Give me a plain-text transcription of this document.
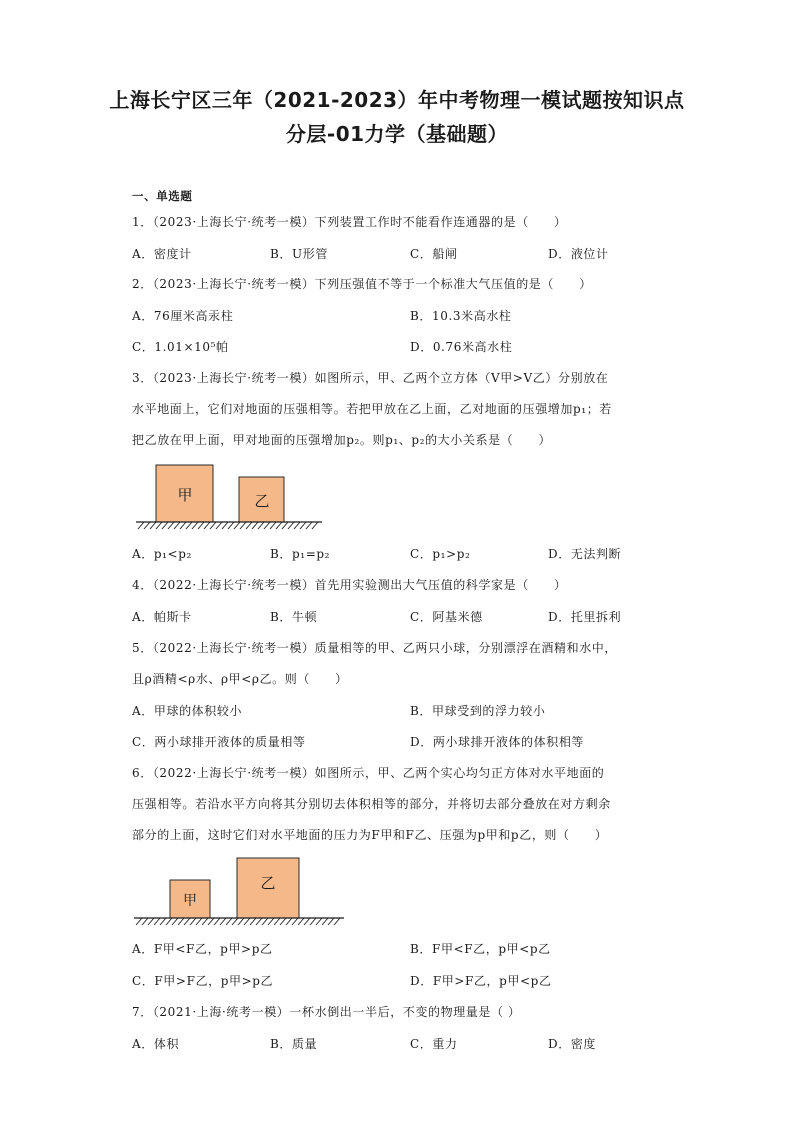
上海长宁区三年（2021-2023）年中考物理一模试题按知识点
分层-01力学（基础题）
一、单选题
1．（2023·上海长宁·统考一模）下列装置工作时不能看作连通器的是（　　）
A．密度计	B．U形管	C．船闸	D．液位计
2．（2023·上海长宁·统考一模）下列压强值不等于一个标准大气压值的是（　　）
A．76厘米高汞柱	B．10.3米高水柱
C．1.01×10⁵帕	D．0.76米高水柱
3．（2023·上海长宁·统考一模）如图所示，甲、乙两个立方体（V甲>V乙）分别放在
水平地面上，它们对地面的压强相等。若把甲放在乙上面，乙对地面的压强增加p₁；若
把乙放在甲上面，甲对地面的压强增加p₂。则p₁、p₂的大小关系是（　　）
甲	乙
A．p₁<p₂	B．p₁=p₂	C．p₁>p₂	D．无法判断
4．（2022·上海长宁·统考一模）首先用实验测出大气压值的科学家是（　　）
A．帕斯卡	B．牛顿	C．阿基米德	D．托里拆利
5．（2022·上海长宁·统考一模）质量相等的甲、乙两只小球，分别漂浮在酒精和水中，
且ρ酒精<ρ水、ρ甲<ρ乙。则（　　）
A．甲球的体积较小	B．甲球受到的浮力较小
C．两小球排开液体的质量相等	D．两小球排开液体的体积相等
6．（2022·上海长宁·统考一模）如图所示，甲、乙两个实心均匀正方体对水平地面的
压强相等。若沿水平方向将其分别切去体积相等的部分，并将切去部分叠放在对方剩余
部分的上面，这时它们对水平地面的压力为F甲和F乙、压强为p甲和p乙，则（　　）
甲
乙
A．F甲<F乙，p甲>p乙	B．F甲<F乙，p甲<p乙
C．F甲>F乙，p甲>p乙	D．F甲>F乙，p甲<p乙
7．（2021·上海·统考一模）一杯水倒出一半后，不变的物理量是（ ）
A．体积	B．质量	C．重力	D．密度
